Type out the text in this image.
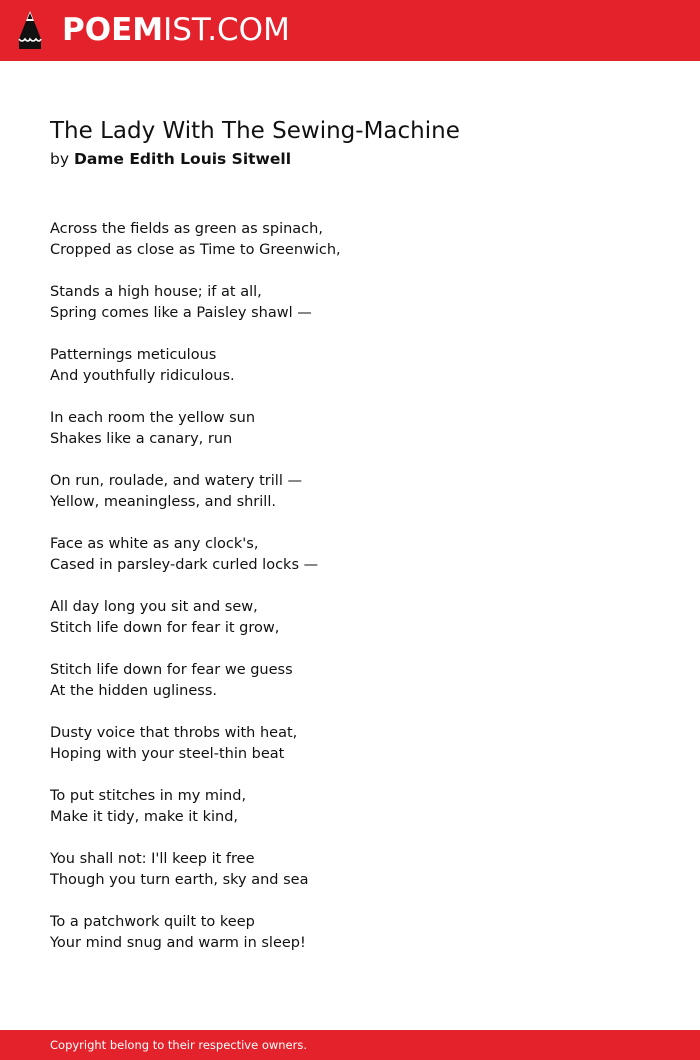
POEMIST.COM
The Lady With The Sewing-Machine
by Dame Edith Louis Sitwell
Across the fields as green as spinach,
Cropped as close as Time to Greenwich,
Stands a high house; if at all,
Spring comes like a Paisley shawl —
Patternings meticulous
And youthfully ridiculous.
In each room the yellow sun
Shakes like a canary, run
On run, roulade, and watery trill —
Yellow, meaningless, and shrill.
Face as white as any clock's,
Cased in parsley-dark curled locks —
All day long you sit and sew,
Stitch life down for fear it grow,
Stitch life down for fear we guess
At the hidden ugliness.
Dusty voice that throbs with heat,
Hoping with your steel-thin beat
To put stitches in my mind,
Make it tidy, make it kind,
You shall not: I'll keep it free
Though you turn earth, sky and sea
To a patchwork quilt to keep
Your mind snug and warm in sleep!
Copyright belong to their respective owners.
